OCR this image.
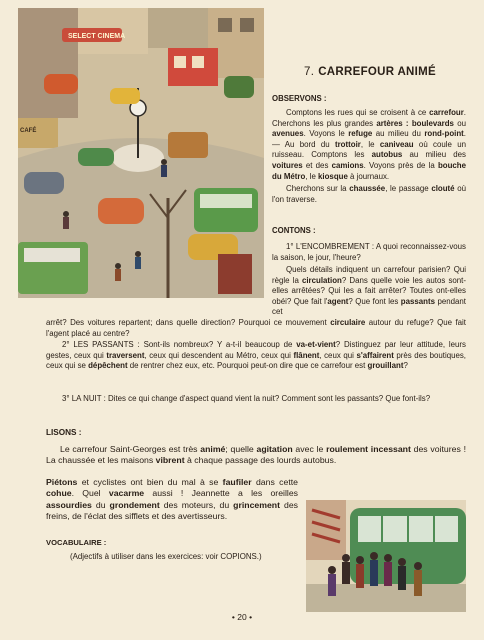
SELECT CINEMA
CAFÉ
7. CARREFOUR ANIMÉ
OBSERVONS :
Comptons les rues qui se croisent à ce carrefour. Cherchons les plus grandes artères : boulevards ou avenues. Voyons le refuge au milieu du rond-point. — Au bord du trottoir, le caniveau où coule un ruisseau. Comptons les autobus au milieu des voitures et des camions. Voyons près de la bouche du Métro, le kiosque à journaux.
Cherchons sur la chaussée, le passage clouté où l'on traverse.
CONTONS :
1° L'ENCOMBREMENT : A quoi reconnaissez-vous la saison, le jour, l'heure?
Quels détails indiquent un carrefour parisien? Qui règle la circulation? Dans quelle voie les autos sont-elles arrêtées? Qui les a fait arrêter? Toutes ont-elles obéi? Que fait l'agent? Que font les passants pendant cet
arrêt? Des voitures repartent; dans quelle direction? Pourquoi ce mouvement circulaire autour du refuge? Que fait l'agent placé au centre?
2° LES PASSANTS : Sont-ils nombreux? Y a-t-il beaucoup de va-et-vient? Distinguez par leur attitude, leurs gestes, ceux qui traversent, ceux qui descendent au Métro, ceux qui flânent, ceux qui s'affairent près des boutiques, ceux qui se dépêchent de rentrer chez eux, etc. Pourquoi peut-on dire que ce carrefour est grouillant?
3° LA NUIT : Dites ce qui change d'aspect quand vient la nuit? Comment sont les passants? Que font-ils?
LISONS :
Le carrefour Saint-Georges est très animé; quelle agitation avec le roulement incessant des voitures ! La chaussée et les maisons vibrent à chaque passage des lourds autobus.
Piétons et cyclistes ont bien du mal à se faufiler dans cette cohue. Quel vacarme aussi ! Jeannette a les oreilles assourdies du grondement des moteurs, du grincement des freins, de l'éclat des sifflets et des avertisseurs.
VOCABULAIRE :
(Adjectifs à utiliser dans les exercices: voir COPIONS.)
• 20 •
